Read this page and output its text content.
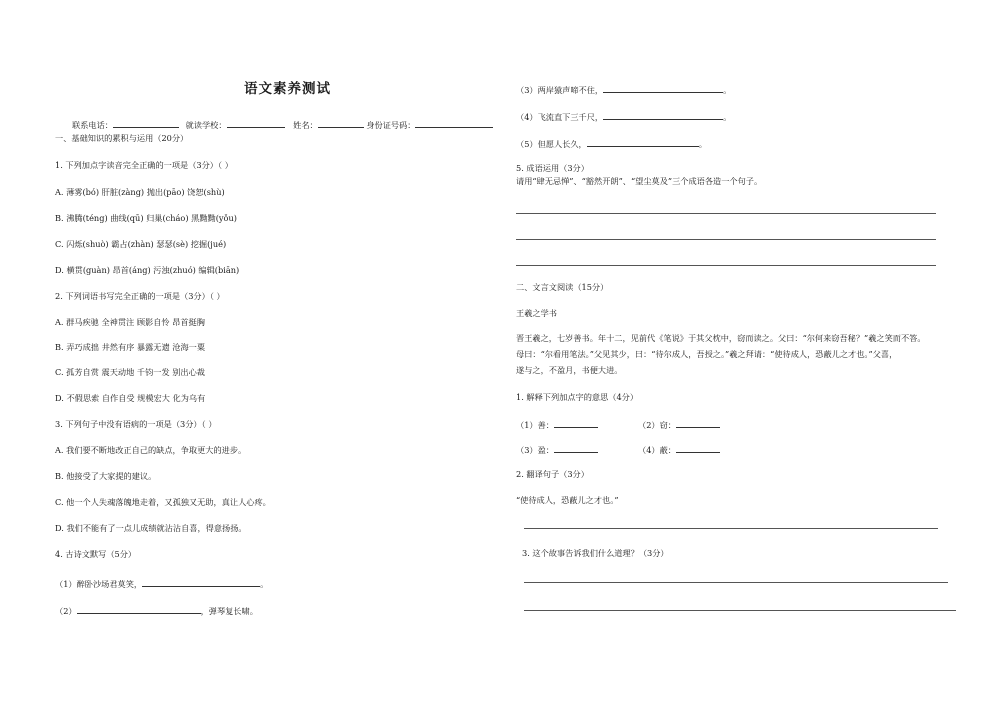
语文素养测试
联系电话：	就读学校：	姓名：	身份证号码：
一、基础知识的累积与运用（20分）
1. 下列加点字读音完全正确的一项是（3分）（ ）
A. 薄雾(bó) 肝脏(zàng) 抛出(pāo) 饶恕(shù)
B. 沸腾(téng) 曲线(qū) 归巢(cháo) 黑黝黝(yǒu)
C. 闪烁(shuò) 霸占(zhàn) 瑟瑟(sè) 挖掘(jué)
D. 横贯(guàn) 昂首(áng) 污浊(zhuó) 编辑(biān)
2. 下列词语书写完全正确的一项是（3分）（ ）
A. 群马疾驰 全神贯注 顾影自怜 昂首挺胸
B. 弄巧成拙 井然有序 暴露无遗 沧海一粟
C. 孤芳自赏 震天动地 千钧一发 别出心裁
D. 不假思索 自作自受 规模宏大 化为乌有
3. 下列句子中没有语病的一项是（3分）（ ）
A. 我们要不断地改正自己的缺点，争取更大的进步。
B. 他接受了大家提的建议。
C. 他一个人失魂落魄地走着，又孤独又无助，真让人心疼。
D. 我们不能有了一点儿成绩就沾沾自喜，得意扬扬。
4. 古诗文默写（5分）
（1）醉卧沙场君莫笑，	。
（2）	，弹琴复长啸。
（3）两岸猿声啼不住，	。
（4）飞流直下三千尺，	。
（5）但愿人长久，	。
5. 成语运用（3分）
请用“肆无忌惮”、“豁然开朗”、“望尘莫及”三个成语各造一个句子。
二、文言文阅读（15分）
王羲之学书
晋王羲之，七岁善书。年十二，见前代《笔说》于其父枕中，窃而读之。父曰：“尔何来窃吾秘？”羲之笑而不答。
母曰：“尔看用笔法。”父见其少，曰：“待尔成人，吾授之。”羲之拜请：“使待成人，恐蔽儿之才也。”父喜，
遂与之，不盈月，书便大进。
1. 解释下列加点字的意思（4分）
（1）善：	（2）窃：
（3）盈：	（4）蔽：
2. 翻译句子（3分）
“使待成人，恐蔽儿之才也。”
3. 这个故事告诉我们什么道理？（3分）
